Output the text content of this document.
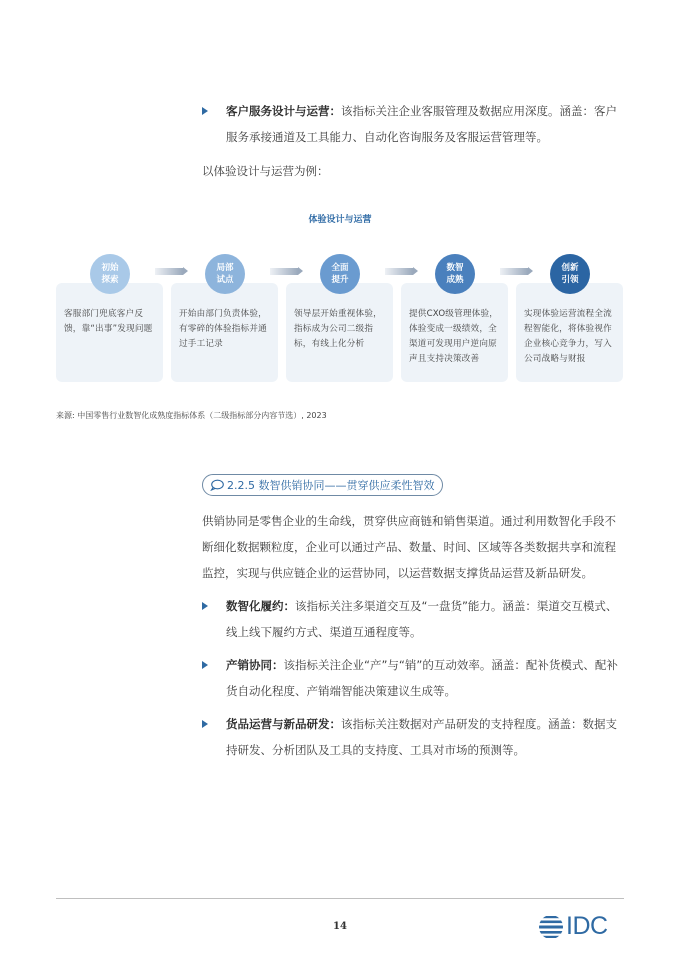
客户服务设计与运营：该指标关注企业客服管理及数据应用深度。涵盖：客户服务承接通道及工具能力、自动化咨询服务及客服运营管理等。
以体验设计与运营为例：
体验设计与运营
客服部门兜底客户反馈，靠“出事”发现问题
开始由部门负责体验，有零碎的体验指标并通过手工记录
领导层开始重视体验，指标成为公司二级指标，有线上化分析
提供CXO级管理体验，体验变成一级绩效，全渠道可发现用户逆向原声且支持决策改善
实现体验运营流程全流程智能化，将体验视作企业核心竞争力，写入公司战略与财报
初始
探索
局部
试点
全面
提升
数智
成熟
创新
引领
来源: 中国零售行业数智化成熟度指标体系（二级指标部分内容节选）, 2023
2.2.5 数智供销协同——贯穿供应柔性智效
供销协同是零售企业的生命线，贯穿供应商链和销售渠道。通过利用数智化手段不断细化数据颗粒度，企业可以通过产品、数量、时间、区域等各类数据共享和流程监控，实现与供应链企业的运营协同，以运营数据支撑货品运营及新品研发。
数智化履约：该指标关注多渠道交互及“一盘货”能力。涵盖：渠道交互模式、线上线下履约方式、渠道互通程度等。
产销协同：该指标关注企业“产”与“销”的互动效率。涵盖：配补货模式、配补货自动化程度、产销端智能决策建议生成等。
货品运营与新品研发：该指标关注数据对产品研发的支持程度。涵盖：数据支持研发、分析团队及工具的支持度、工具对市场的预测等。
14	IDC
